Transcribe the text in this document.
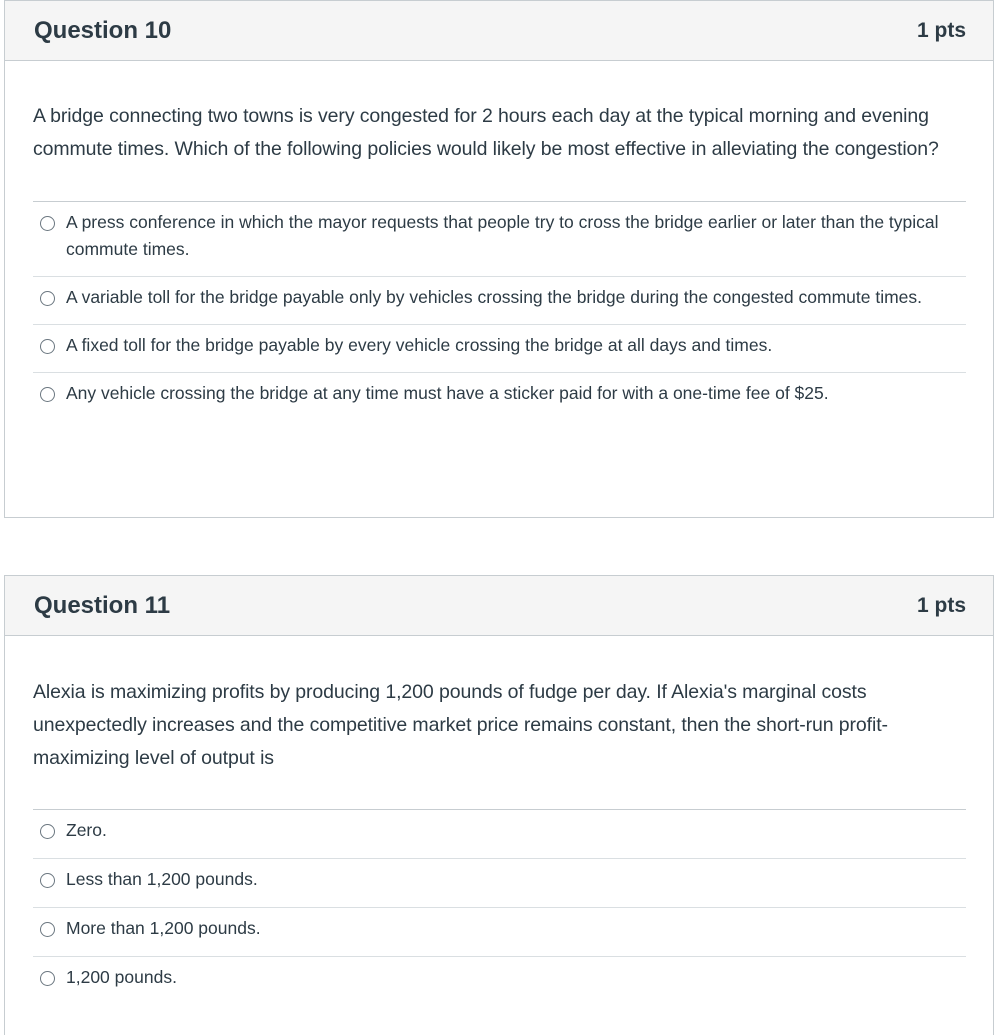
Question 10	1 pts

A bridge connecting two towns is very congested for 2 hours each day at the typical morning and evening commute times. Which of the following policies would likely be most effective in alleviating the congestion?

A press conference in which the mayor requests that people try to cross the bridge earlier or later than the typical commute times.
A variable toll for the bridge payable only by vehicles crossing the bridge during the congested commute times.
A fixed toll for the bridge payable by every vehicle crossing the bridge at all days and times.
Any vehicle crossing the bridge at any time must have a sticker paid for with a one-time fee of $25.
Question 11	1 pts

Alexia is maximizing profits by producing 1,200 pounds of fudge per day. If Alexia's marginal costs unexpectedly increases and the competitive market price remains constant, then the short-run profit-maximizing level of output is

Zero.
Less than 1,200 pounds.
More than 1,200 pounds.
1,200 pounds.
